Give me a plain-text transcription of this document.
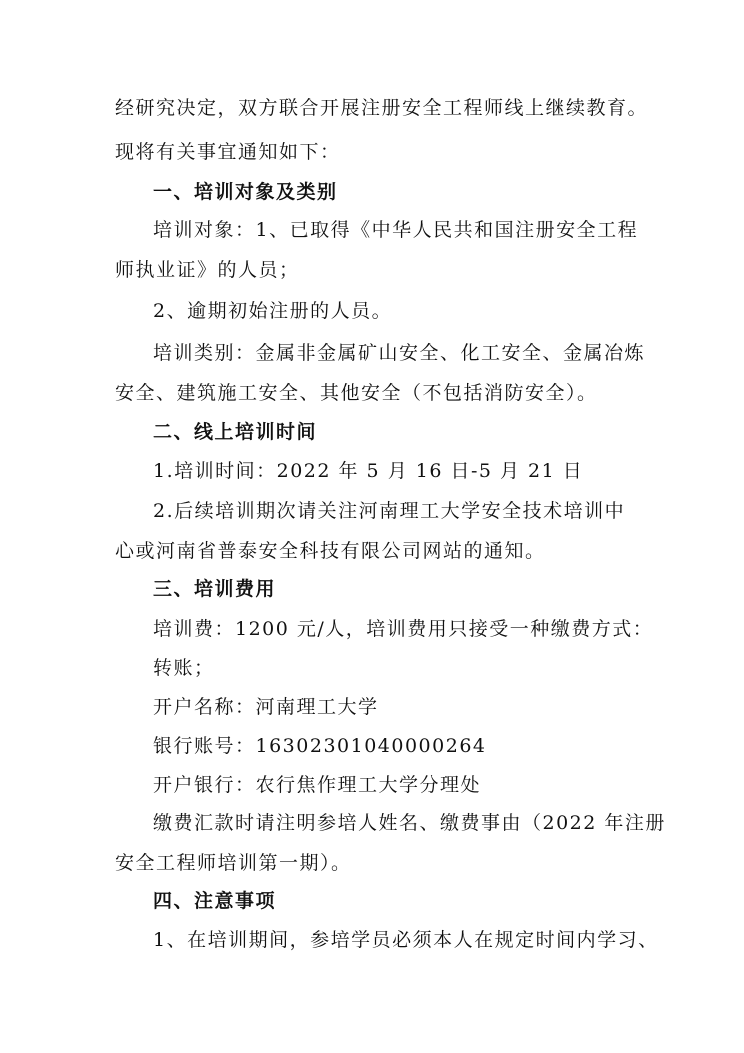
经研究决定，双方联合开展注册安全工程师线上继续教育。
现将有关事宜通知如下：
一、培训对象及类别
培训对象：1、已取得《中华人民共和国注册安全工程
师执业证》的人员；
2、逾期初始注册的人员。
培训类别：金属非金属矿山安全、化工安全、金属冶炼
安全、建筑施工安全、其他安全（不包括消防安全）。
二、线上培训时间
1.培训时间：2022 年 5 月 16 日-5 月 21 日
2.后续培训期次请关注河南理工大学安全技术培训中
心或河南省普泰安全科技有限公司网站的通知。
三、培训费用
培训费：1200 元/人，培训费用只接受一种缴费方式：
转账；
开户名称：河南理工大学
银行账号：16302301040000264
开户银行：农行焦作理工大学分理处
缴费汇款时请注明参培人姓名、缴费事由（2022 年注册
安全工程师培训第一期）。
四、注意事项
1、在培训期间，参培学员必须本人在规定时间内学习、
